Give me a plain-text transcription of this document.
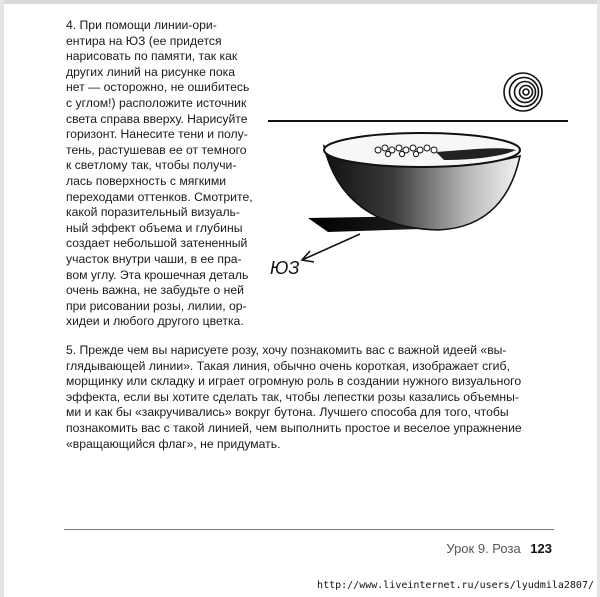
4. При помощи линии-ори-
ентира на ЮЗ (ее придется
нарисовать по памяти, так как
других линий на рисунке пока
нет — осторожно, не ошибитесь
с углом!) расположите источник
света справа вверху. Нарисуйте
горизонт. Нанесите тени и полу-
тень, растушевав ее от темного
к светлому так, чтобы получи-
лась поверхность с мягкими
переходами оттенков. Смотрите,
какой поразительный визуаль-
ный эффект объема и глубины
создает небольшой затененный
участок внутри чаши, в ее пра-
вом углу. Эта крошечная деталь
очень важна, не забудьте о ней
при рисовании розы, лилии, ор-
хидеи и любого другого цветка.

ЮЗ

5. Прежде чем вы нарисуете розу, хочу познакомить вас с важной идеей «вы-
глядывающей линии». Такая линия, обычно очень короткая, изображает сгиб,
морщинку или складку и играет огромную роль в создании нужного визуального
эффекта, если вы хотите сделать так, чтобы лепестки розы казались объемны-
ми и как бы «закручивались» вокруг бутона. Лучшего способа для того, чтобы
познакомить вас с такой линией, чем выполнить простое и веселое упражнение
«вращающийся флаг», не придумать.

Урок 9. Роза 123
http://www.liveinternet.ru/users/lyudmila2807/
